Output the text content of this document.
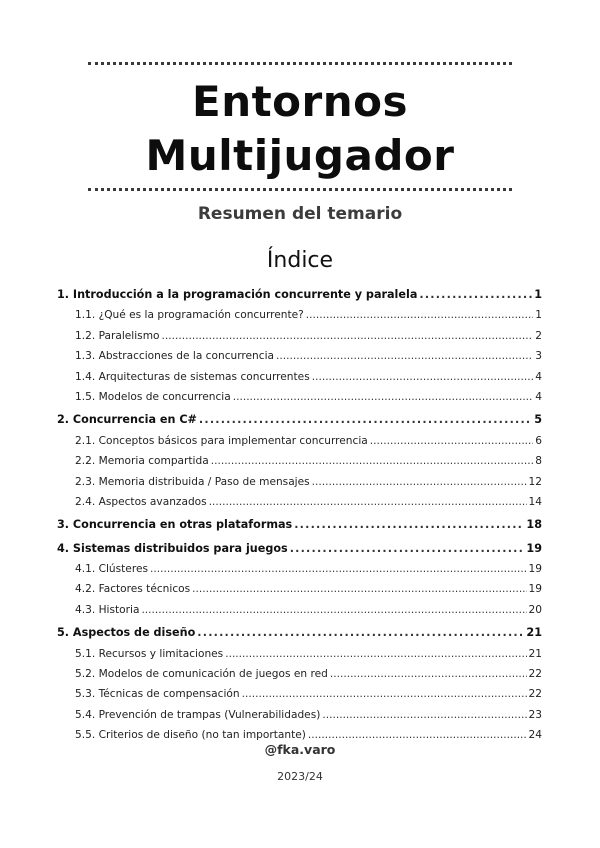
Entornos
Multijugador
Resumen del temario
Índice
1. Introducción a la programación concurrente y paralela .....	1
1.1. ¿Qué es la programación concurrente? .....	1
1.2. Paralelismo .....	2
1.3. Abstracciones de la concurrencia .....	3
1.4. Arquitecturas de sistemas concurrentes .....	4
1.5. Modelos de concurrencia .....	4
2. Concurrencia en C# .....	5
2.1. Conceptos básicos para implementar concurrencia .....	6
2.2. Memoria compartida .....	8
2.3. Memoria distribuida / Paso de mensajes .....	12
2.4. Aspectos avanzados .....	14
3. Concurrencia en otras plataformas .....	18
4. Sistemas distribuidos para juegos .....	19
4.1. Clústeres .....	19
4.2. Factores técnicos .....	19
4.3. Historia .....	20
5. Aspectos de diseño .....	21
5.1. Recursos y limitaciones .....	21
5.2. Modelos de comunicación de juegos en red .....	22
5.3. Técnicas de compensación .....	22
5.4. Prevención de trampas (Vulnerabilidades) .....	23
5.5. Criterios de diseño (no tan importante) .....	24
@fka.varo
2023/24
